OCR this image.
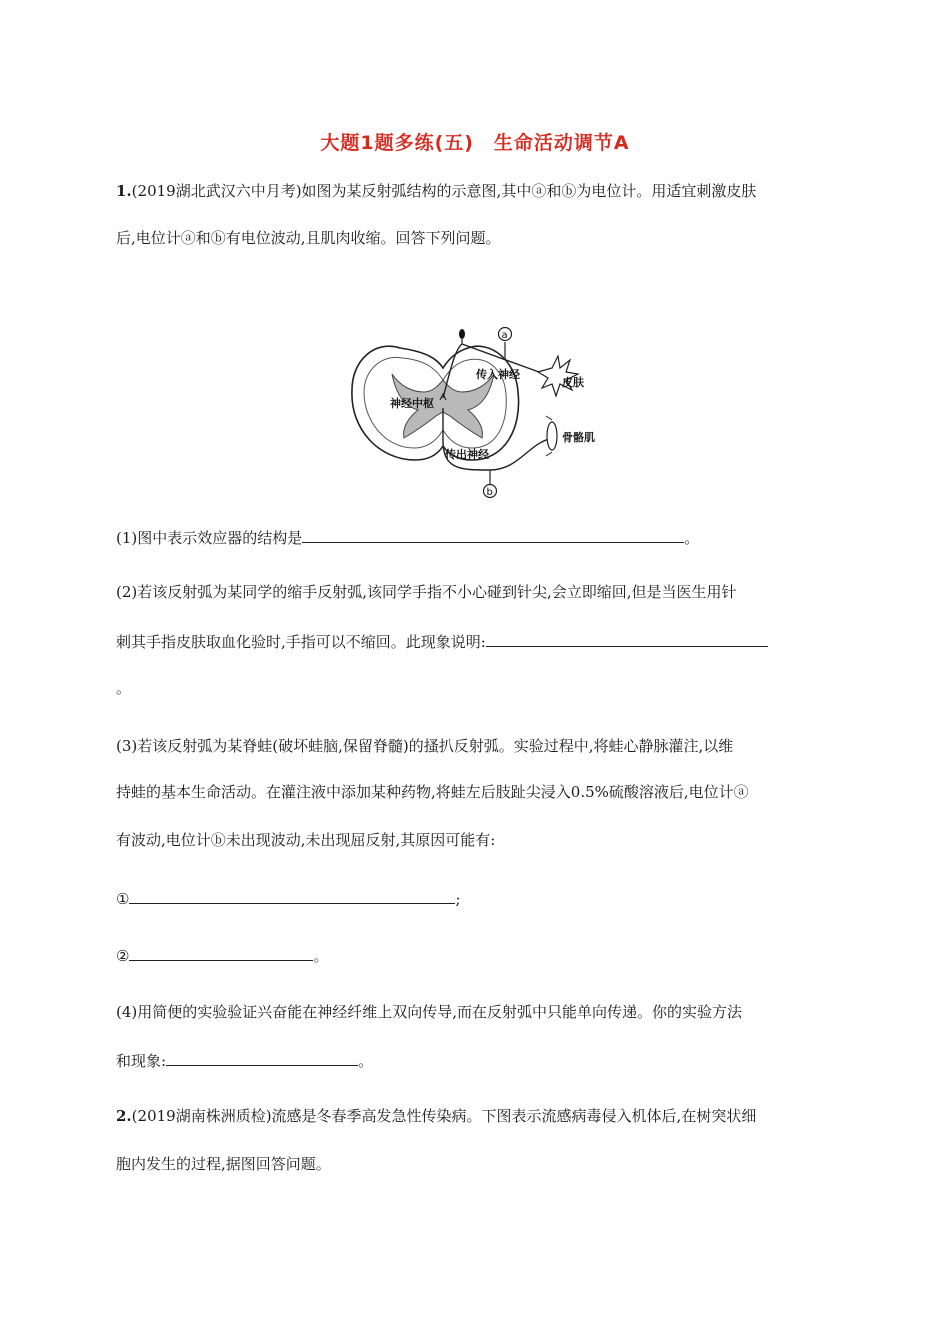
大题1题多练(五)　生命活动调节A
1.(2019湖北武汉六中月考)如图为某反射弧结构的示意图,其中ⓐ和ⓑ为电位计。用适宜刺激皮肤
后,电位计ⓐ和ⓑ有电位波动,且肌肉收缩。回答下列问题。
神经中枢
传入神经
a
皮肤
传出神经
骨骼肌
b
(1)图中表示效应器的结构是	。
(2)若该反射弧为某同学的缩手反射弧,该同学手指不小心碰到针尖,会立即缩回,但是当医生用针
刺其手指皮肤取血化验时,手指可以不缩回。此现象说明:
。
(3)若该反射弧为某脊蛙(破坏蛙脑,保留脊髓)的搔扒反射弧。实验过程中,将蛙心静脉灌注,以维
持蛙的基本生命活动。在灌注液中添加某种药物,将蛙左后肢趾尖浸入0.5%硫酸溶液后,电位计ⓐ
有波动,电位计ⓑ未出现波动,未出现屈反射,其原因可能有:
①	;
②	。
(4)用简便的实验验证兴奋能在神经纤维上双向传导,而在反射弧中只能单向传递。你的实验方法
和现象:	。
2.(2019湖南株洲质检)流感是冬春季高发急性传染病。下图表示流感病毒侵入机体后,在树突状细
胞内发生的过程,据图回答问题。
